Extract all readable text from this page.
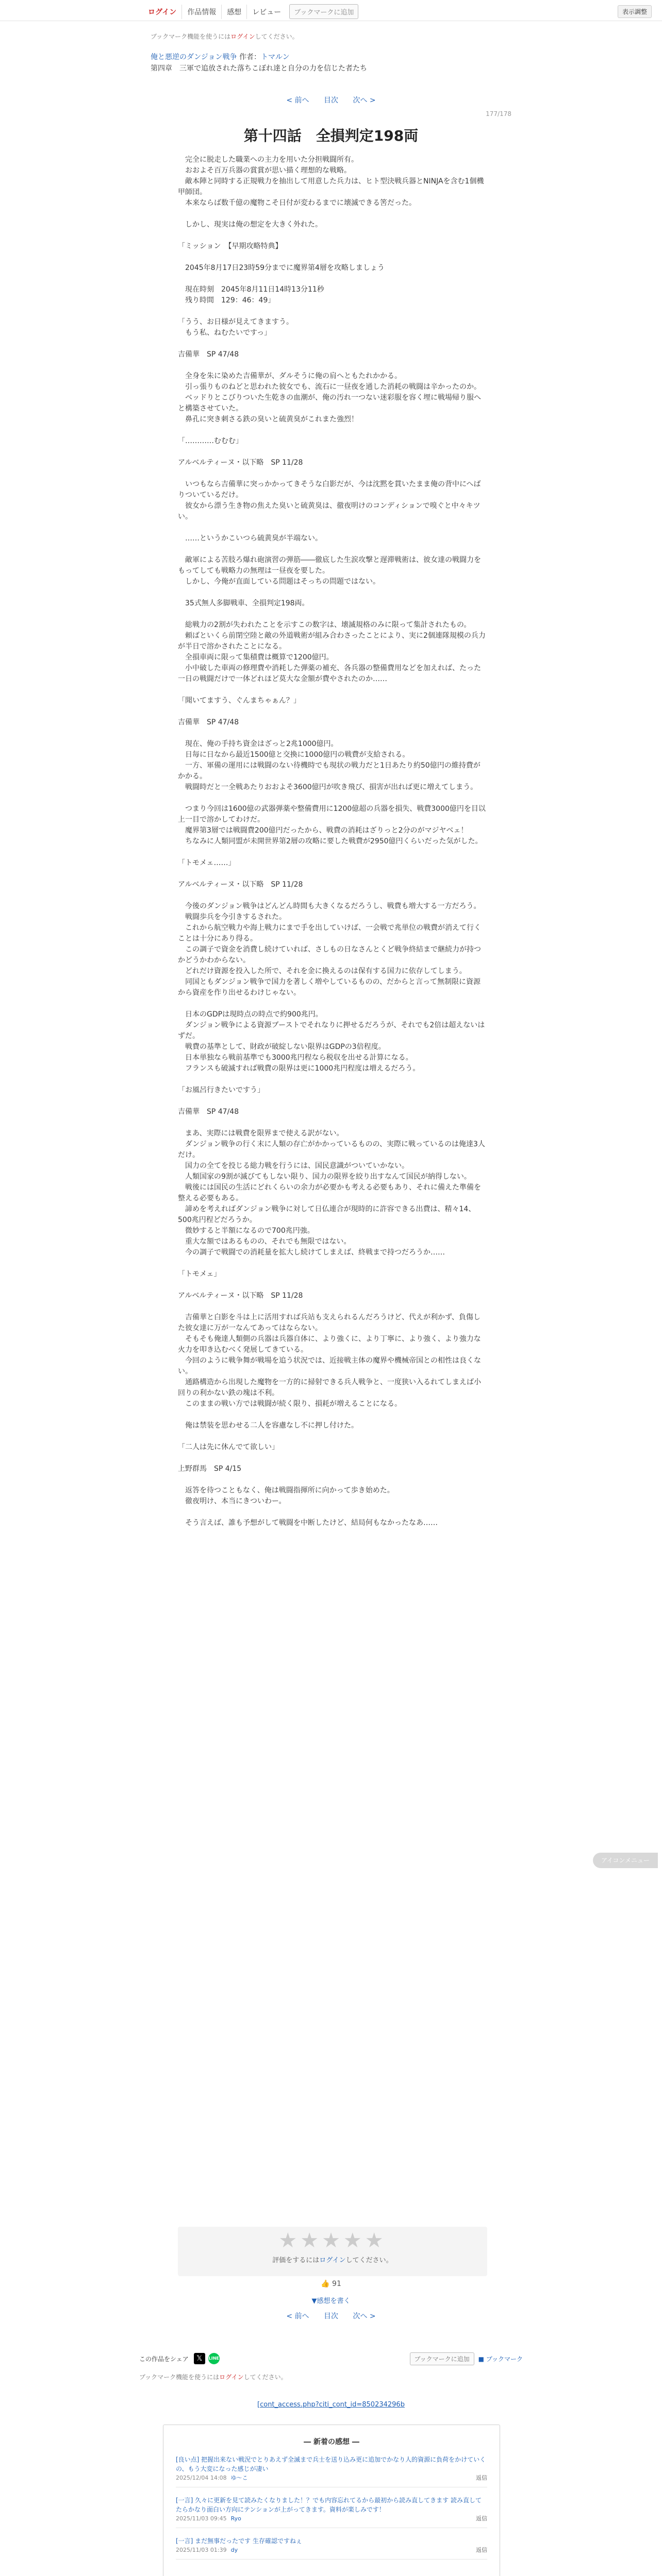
ログイン	作品情報	感想	レビュー	ブックマークに追加	表示調整
ブックマーク機能を使うにはログインしてください。
俺と悪逆のダンジョン戦争 作者：トマルン
第四章　三軍で追放された落ちこぼれ達と自分の力を信じた者たち
< 前へ 目次 次へ >
177/178
第十四話　全損判定198両

　完全に脱走した職業への主力を用いた分担戦闘所有。
　おおよそ百万兵器の賞賞が思い描く理想的な戦略。
　敵本陣と同時する正規戦力を抽出して用意した兵力は、ヒト型決戦兵器とNINJAを含む1個機甲師団。
　本来ならば数千億の魔物こそ日付が変わるまでに壊滅できる筈だった。

　しかし、現実は俺の想定を大きく外れた。

「ミッション　【早期攻略特典】

　2045年8月17日23時59分までに魔界第4層を攻略しましょう

　現在時刻　2045年8月11日14時13分11秒
　残り時間　129：46：49」

「うう、お日様が見えてきますう。
　もう私、ねむたいですっ」

吉備華　SP 47/48

　全身を朱に染めた吉備華が、ダルそうに俺の肩へともたれかかる。
　引っ張りものねどと思われた彼女でも、流石に一昼夜を通した消耗の戦闘は辛かったのか。
　ベッドりとこびりついた生乾きの血潮が、俺の汚れ一つない迷彩服を容く埋に戦場帰り服へと構築させていた。
　鼻孔に突き刺さる鉄の臭いと硫黄臭がこれまた強烈！

「…………むむむ」

アルベルティーヌ・以下略　SP 11/28

　いつもなら吉備華に突っかかってきそうな白影だが、今は沈黙を貫いたまま俺の背中にへばりついているだけ。
　彼女から漂う生き物の焦えた臭いと硫黄臭は、徹夜明けのコンディションで嗅ぐと中々キツい。

　……というかこいつら硫黄臭が半端ない。

　敵軍による苦肢ろ爆れ砲演習の弾筋――徹底した生涙攻撃と遅滞戦術は、彼女達の戦闘力をもってしても戦略力の無理は一昼夜を要した。
　しかし、今俺が直面している問題はそっちの問題ではない。

　35式無人多脚戦車、全損判定198両。

　総戦力の2割が失われたことを示すこの数字は、壊滅規格のみに限って集計されたもの。
　頼ばといくら前閉空陸と敵の外道戦術が組み合わさったことにより、実に2個連隊規模の兵力が半日で溶かされたことになる。
　全損車両に限って集積費は概算で1200億円。
　小中破した車両の修理費や消耗した弾薬の補充、各兵器の整備費用などを加えれば、たった一日の戦闘だけで一体どれほど莫大な金額が費やされたのか……

「聞いてますう、ぐんまちゃぁん？」

吉備華　SP 47/48

　現在、俺の手持ち資金はざっと2兆1000億円。
　日毎に日なから最近1500億と交換に1000億円の戦費が支給される。
　一方、軍備の運用には戦闘のない待機時でも現状の戦力だと1日あたり約50億円の維持費がかかる。
　戦闘時だと一全戦あたりおおよそ3600億円が吹き飛び、損害が出れば更に増えてしまう。

　つまり今回は1600億の武器弾薬や整備費用に1200億超の兵器を損失、戦費3000億円を目以上一目で溶かしてわけだ。
　魔界第3層では戦闘費200億円だったから、戦費の消耗はざりっと2分のがマジヤベェ！
　ちなみに人類同盟が未開世界第2層の攻略に要した戦費が2950億円くらいだった気がした。

「トモメェ……」

アルベルティーヌ・以下略　SP 11/28

　今後のダンジョン戦争はどんどん時間も大きくなるだろうし、戦費も増大する一方だろう。
　戦闘歩兵を今引きするされた。
　これから航空戦力や海上戦力にまで手を出していけば、一会戦で兆単位の戦費が消えて行くことは十分にあり得る。
　この調子で資金を消費し続けていれば、さしもの日なさんとくど戦争終結まで継続力が持つかどうかわからない。
　どれだけ資源を投入した所で、それを金に換えるのは保有する国力に依存してしまう。
　同国ともダンジョン戦争で国力を著しく増やしているものの、だからと言って無制限に資源から資産を作り出せるわけじゃない。

　日本のGDPは現時点の時点で約900兆円。
　ダンジョン戦争による資源ブーストでそれなりに押せるだろうが、それでも2倍は超えないはずだ。
　戦費の基準として、財政が破綻しない限界はGDPの3倍程度。
　日本単独なら戦前基準でも3000兆円程なら税収を出せる計算になる。
　フランスも破滅すれば戦費の限界は更に1000兆円程度は増えるだろう。

「お風呂行きたいですう」

吉備華　SP 47/48

　まあ、実際には戦費を限界まで使える訳がない。
　ダンジョン戦争の行く末に人類の存亡がかかっているものの、実際に戦っているのは俺達3人だけ。
　国力の全てを投じる総力戦を行うには、国民意識がついていかない。
　人類国家の9割が滅びてもしない限り、国力の限界を絞り出すなんて国民が納得しない。
　戦後には国民の生活にどれくらいの余力が必要かも考える必要もあり、それに備えた準備を整える必要もある。
　諦めを考えればダンジョン戦争に対して日仏連合が現時的に許容できる出費は、精々14、500兆円程どだろうか。
　微妙すると半額になるので700兆円強。
　重大な額ではあるものの、それでも無限ではない。
　今の調子で戦闘での消耗量を拡大し続けてしまえば、終戦まで持つだろうか……

「トモメェ」

アルベルティーヌ・以下略　SP 11/28

　吉備華と白影を斗は上に活用すれば兵站も支えられるんだろうけど、代えが利かず、負傷した彼女達に万が一なんてあってはならない。
　そもそも俺達人類側の兵器は兵器自体に、より強くに、より丁寧に、より強く、より強力な火力を叩き込むべく発展してきている。
　今回のように戦争舞が戦場を追う状況では、近接戦主体の魔界や機械帝国との相性は良くない。
　通路構造から出現した魔物を一方的に掃射できる兵人戦争と、一度狭い入るれてしまえば小回りの利かない鉄の塊は不利。
　このままの戦い方では戦闘が続く限り、損耗が増えることになる。

　俺は禁装を思わせる二人を容慮なし不に押し付けた。

「二人は先に休んでて欲しい」

上野群馬　SP 4/15

　返答を待つこともなく、俺は戦闘指揮所に向かって歩き始めた。
　徹夜明け、本当にきついわー。

　そう言えば、誰も予想がして戦闘を中断したけど、結局何もなかったなあ……

★★★★★
評価をするにはログインしてください。
👍 91
▼感想を書く
< 前へ 目次 次へ >
この作品をシェア	𝕏	LINE	ブックマークに追加	■ ブックマーク
ブックマーク機能を使うにはログインしてください。
[cont_access.php?citi_cont_id=850234296b
― 新着の感想 ―
[良い点] 把握出来ない戦況でとりあえず全滅まで兵士を送り込み更に追加でかなり人的資源に負荷をかけていくの、もう大変になった感じが凄い
2025/12/04 14:08 ゆ～こ	返信
[一言] 久々に更新を見て読みたくなりました！？でも内容忘れてるから最初から読み直してきます 読み直してたらかなり面白い方向にテンションが上がってきます。資料が楽しみです！
2025/11/03 09:45 Ryo	返信
[一言] まだ無事だったです 生存確認ですねぇ
2025/11/03 01:39 dy	返信
アイコンメニュー
